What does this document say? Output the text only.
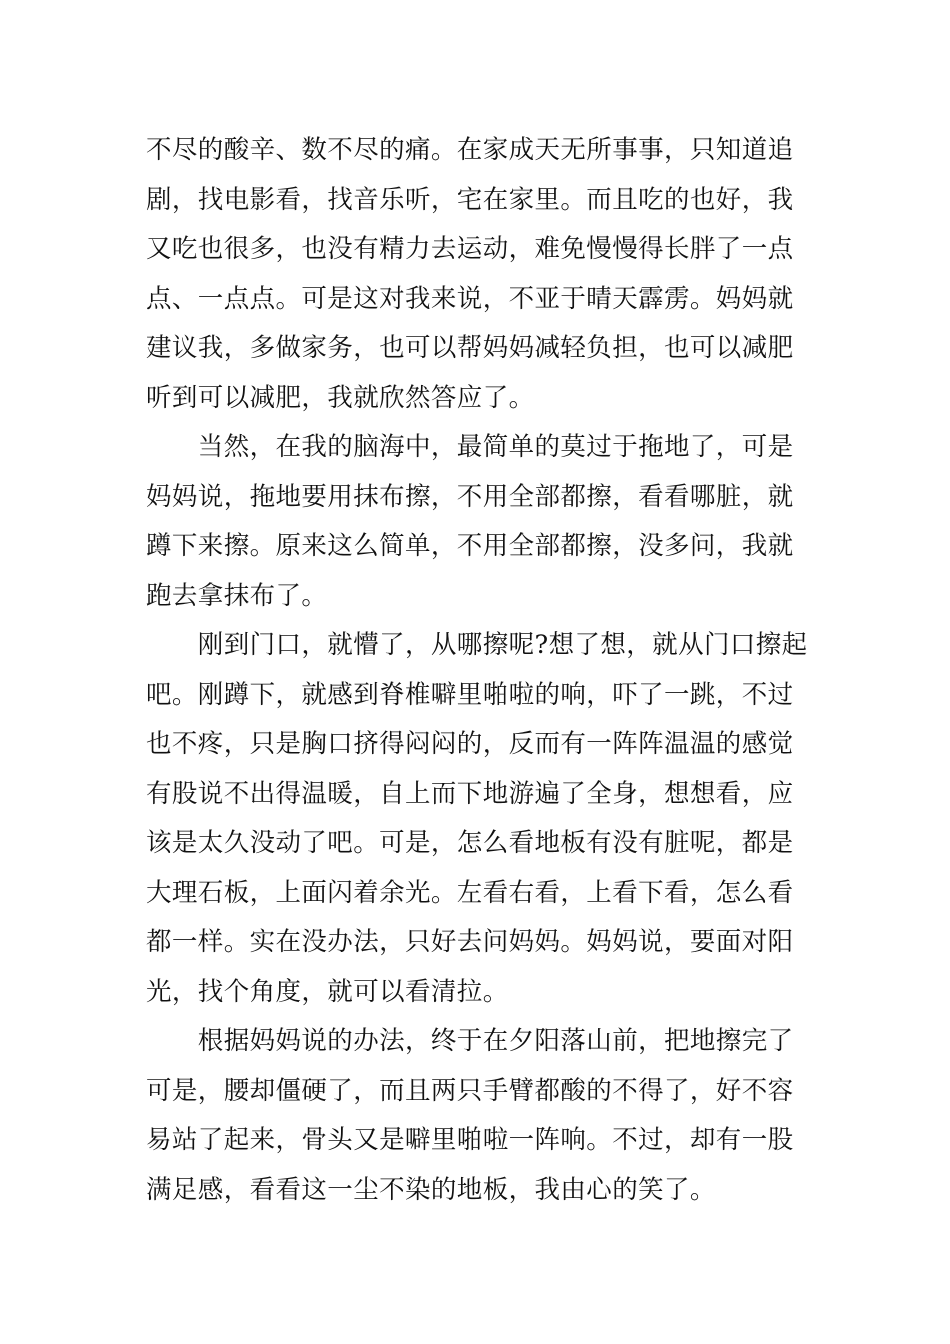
不尽的酸辛、数不尽的痛。在家成天无所事事，只知道追
剧，找电影看，找音乐听，宅在家里。而且吃的也好，我
又吃也很多，也没有精力去运动，难免慢慢得长胖了一点
点、一点点。可是这对我来说，不亚于晴天霹雳。妈妈就
建议我，多做家务，也可以帮妈妈减轻负担，也可以减肥
听到可以减肥，我就欣然答应了。
　　当然，在我的脑海中，最简单的莫过于拖地了，可是
妈妈说，拖地要用抹布擦，不用全部都擦，看看哪脏，就
蹲下来擦。原来这么简单，不用全部都擦，没多问，我就
跑去拿抹布了。
　　刚到门口，就懵了，从哪擦呢?想了想，就从门口擦起
吧。刚蹲下，就感到脊椎噼里啪啦的响，吓了一跳，不过
也不疼，只是胸口挤得闷闷的，反而有一阵阵温温的感觉
有股说不出得温暖，自上而下地游遍了全身，想想看，应
该是太久没动了吧。可是，怎么看地板有没有脏呢，都是
大理石板，上面闪着余光。左看右看，上看下看，怎么看
都一样。实在没办法，只好去问妈妈。妈妈说，要面对阳
光，找个角度，就可以看清拉。
　　根据妈妈说的办法，终于在夕阳落山前，把地擦完了
可是，腰却僵硬了，而且两只手臂都酸的不得了，好不容
易站了起来，骨头又是噼里啪啦一阵响。不过，却有一股
满足感，看看这一尘不染的地板，我由心的笑了。
